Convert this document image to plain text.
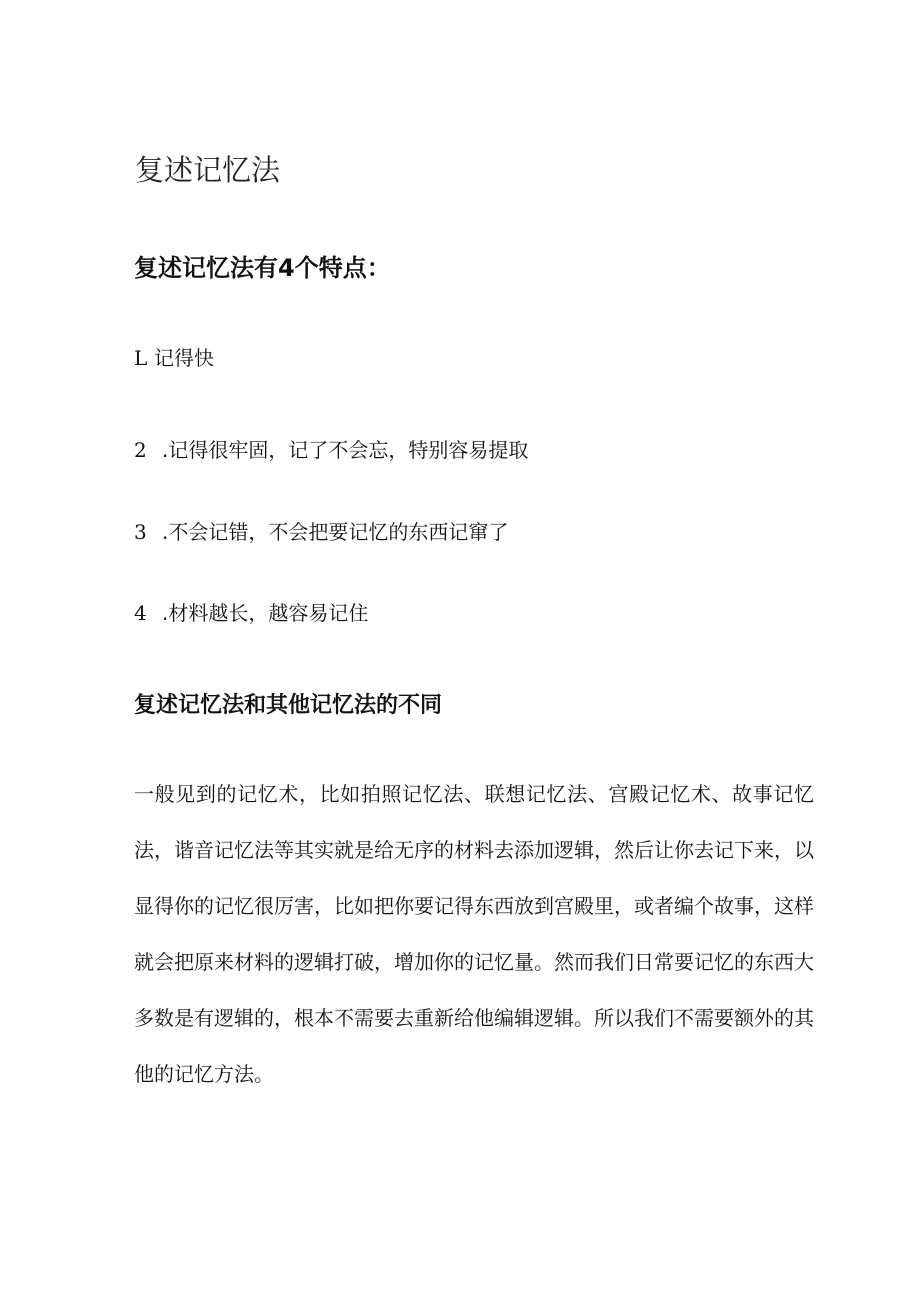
复述记忆法
复述记忆法有4个特点：
L 记得快
2 .记得很牢固，记了不会忘，特别容易提取
3 .不会记错，不会把要记忆的东西记窜了
4 .材料越长，越容易记住
复述记忆法和其他记忆法的不同

一般见到的记忆术，比如拍照记忆法、联想记忆法、宫殿记忆术、故事记忆法，谐音记忆法等其实就是给无序的材料去添加逻辑，然后让你去记下来，以显得你的记忆很厉害，比如把你要记得东西放到宫殿里，或者编个故事，这样就会把原来材料的逻辑打破，增加你的记忆量。然而我们日常要记忆的东西大多数是有逻辑的，根本不需要去重新给他编辑逻辑。所以我们不需要额外的其他的记忆方法。
